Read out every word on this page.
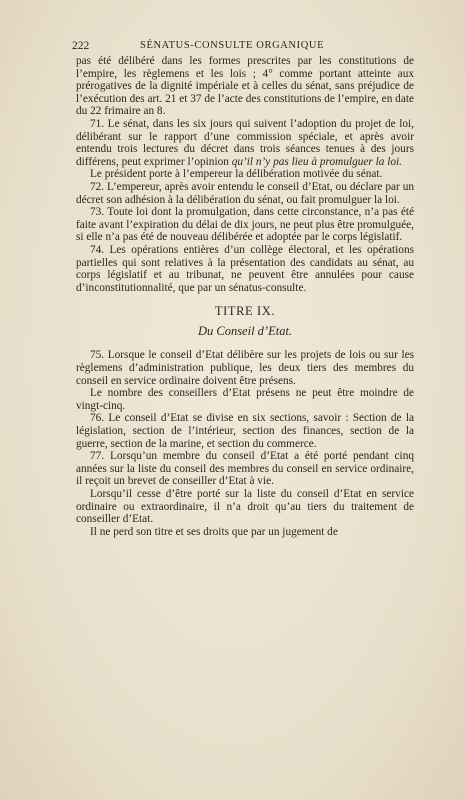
222	SÉNATUS-CONSULTE ORGANIQUE

pas été délibéré dans les formes prescrites par les constitutions de l’empire, les règlemens et les lois ; 4° comme portant atteinte aux prérogatives de la dignité impériale et à celles du sénat, sans préjudice de l’exécution des art. 21 et 37 de l’acte des constitutions de l’empire, en date du 22 frimaire an 8.

71. Le sénat, dans les six jours qui suivent l’adoption du projet de loi, délibérant sur le rapport d’une commission spéciale, et après avoir entendu trois lectures du décret dans trois séances tenues à des jours différens, peut exprimer l’opinion qu’il n’y pas lieu à promulguer la loi.

Le président porte à l’empereur la délibération motivée du sénat.

72. L’empereur, après avoir entendu le conseil d’Etat, ou déclare par un décret son adhésion à la délibération du sénat, ou fait promulguer la loi.

73. Toute loi dont la promulgation, dans cette circonstance, n’a pas été faite avant l’expiration du délai de dix jours, ne peut plus être promulguée, si elle n’a pas été de nouveau délibérée et adoptée par le corps législatif.

74. Les opérations entières d’un collège électoral, et les opérations partielles qui sont relatives à la présentation des candidats au sénat, au corps législatif et au tribunat, ne peuvent être annulées pour cause d’inconstitutionnalité, que par un sénatus-consulte.

TITRE IX.

Du Conseil d’Etat.

75. Lorsque le conseil d’Etat délibère sur les projets de lois ou sur les règlemens d’administration publique, les deux tiers des membres du conseil en service ordinaire doivent être présens.

Le nombre des conseillers d’Etat présens ne peut être moindre de vingt-cinq.

76. Le conseil d’Etat se divise en six sections, savoir : Section de la législation, section de l’intérieur, section des finances, section de la guerre, section de la marine, et section du commerce.

77. Lorsqu’un membre du conseil d’Etat a été porté pendant cinq années sur la liste du conseil des membres du conseil en service ordinaire, il reçoit un brevet de conseiller d’Etat à vie.

Lorsqu’il cesse d’être porté sur la liste du conseil d’Etat en service ordinaire ou extraordinaire, il n’a droit qu’au tiers du traitement de conseiller d’Etat.

Il ne perd son titre et ses droits que par un jugement de
